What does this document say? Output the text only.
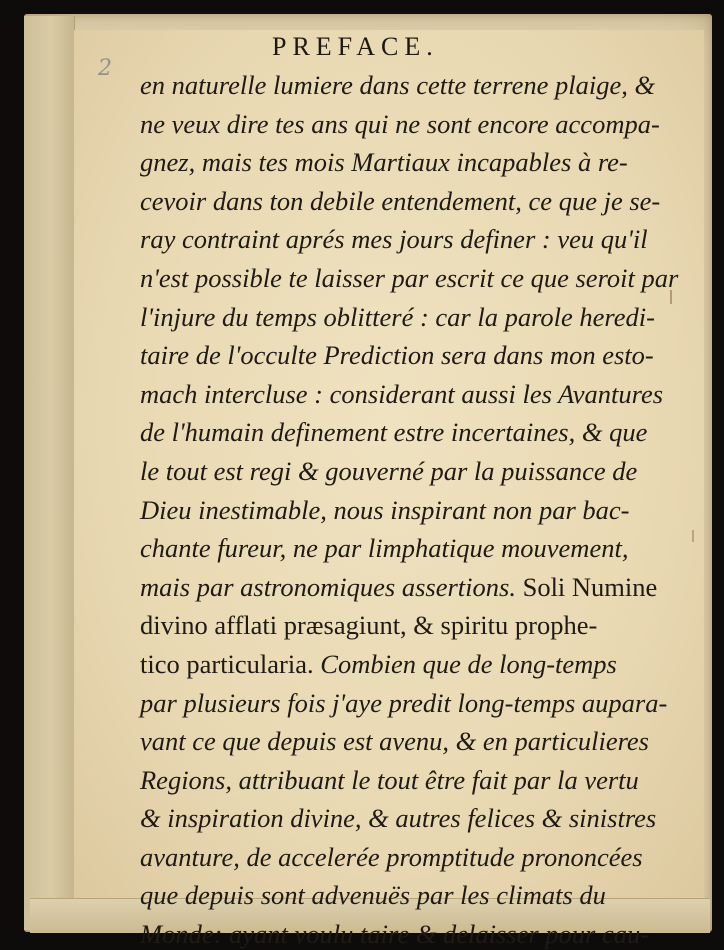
2
PREFACE.
en naturelle lumiere dans cette terrene plaige, &
ne veux dire tes ans qui ne sont encore accompa-
gnez, mais tes mois Martiaux incapables à re-
cevoir dans ton debile entendement, ce que je se-
ray contraint aprés mes jours definer : veu qu'il
n'est possible te laisser par escrit ce que seroit par
l'injure du temps oblitteré : car la parole heredi-
taire de l'occulte Prediction sera dans mon esto-
mach intercluse : considerant aussi les Avantures
de l'humain definement estre incertaines, & que
le tout est regi & gouverné par la puissance de
Dieu inestimable, nous inspirant non par bac-
chante fureur, ne par limphatique mouvement,
mais par astronomiques assertions. Soli Numine
divino afflati præsagiunt, & spiritu prophe-
tico particularia. Combien que de long-temps
par plusieurs fois j'aye predit long-temps aupara-
vant ce que depuis est avenu, & en particulieres
Regions, attribuant le tout être fait par la vertu
& inspiration divine, & autres felices & sinistres
avanture, de accelerée promptitude prononcées
que depuis sont advenuës par les climats du
Monde: ayant voulu taire & delaisser pour cau-
